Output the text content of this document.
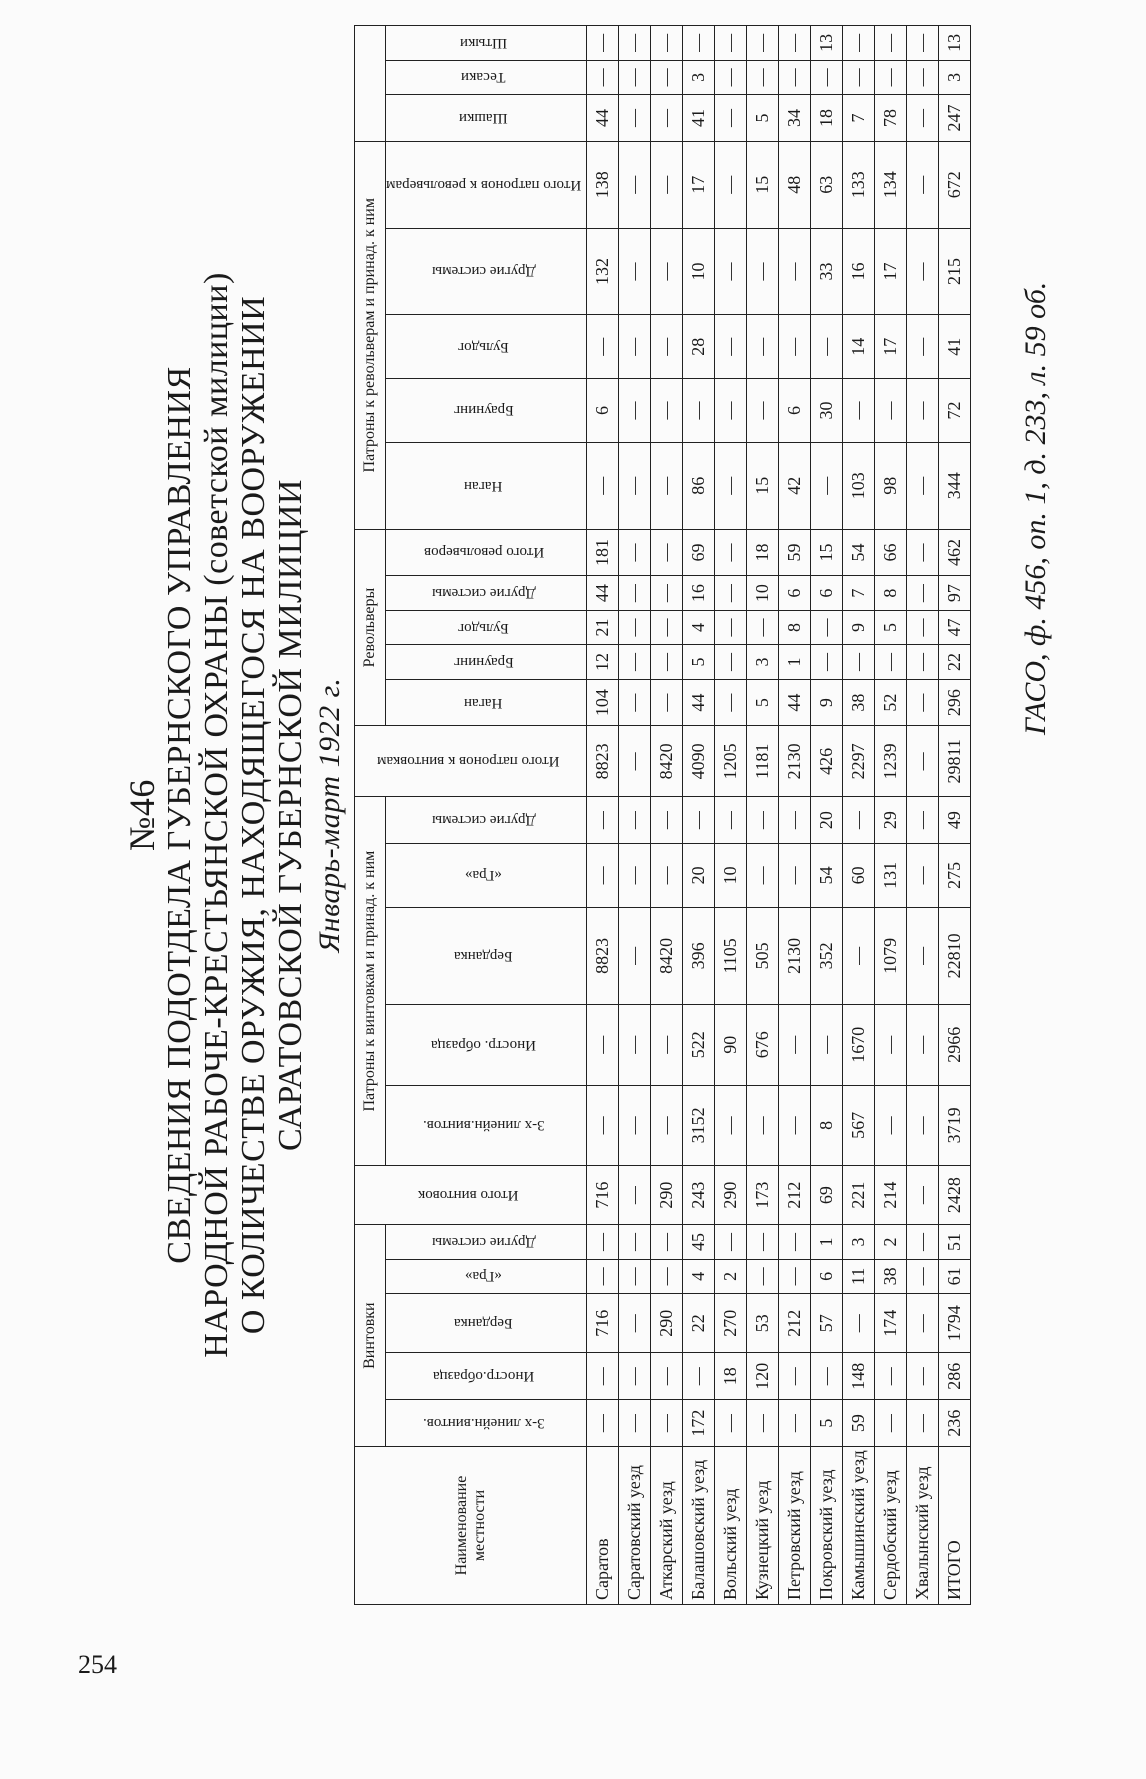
254
№46 СВЕДЕНИЯ ПОДОТДЕЛА ГУБЕРНСКОГО УПРАВЛЕНИЯ НАРОДНОЙ РАБОЧЕ-КРЕСТЬЯНСКОЙ ОХРАНЫ (советской милиции) О КОЛИЧЕСТВЕ ОРУЖИЯ, НАХОДЯЩЕГОСЯ НА ВООРУЖЕНИИ САРАТОВСКОЙ ГУБЕРНСКОЙ МИЛИЦИИ Январь-март 1922 г.
Наименование местности	Винтовки					Итого винтовок	Патроны к винтовкам и принад. к ним					Итого патронов к винтовкам	Револьверы					Патроны к револьверам и принад. к ним							
	3-х линейн.винтов.	Иностр.образца	Берданка	«Гра»	Другие системы		3-х линейн.винтов.	Иностр. образца	Берданка	«Гра»	Другие системы		Наган	Браунинг	Бульдог	Другие системы	Итого револьверов	Наган	Браунинг	Бульдог	Другие системы	Итого патронов к револьверам	Шашки	Тесаки	Штыки
Саратов	—	—	716	—	—	716	—	—	8823	—	—	8823	104	12	21	44	181	—	6	—	132	138	44	—	—
Саратовский уезд	—	—	—	—	—	—	—	—	—	—	—	—	—	—	—	—	—	—	—	—	—	—	—	—	—
Аткарский уезд	—	—	290	—	—	290	—	—	8420	—	—	8420	—	—	—	—	—	—	—	—	—	—	—	—	—
Балашовский уезд	172	—	22	4	45	243	3152	522	396	20	—	4090	44	5	4	16	69	86	—	28	10	17	41	3	—
Вольский уезд	—	18	270	2	—	290	—	90	1105	10	—	1205	—	—	—	—	—	—	—	—	—	—	—	—	—
Кузнецкий уезд	—	120	53	—	—	173	—	676	505	—	—	1181	5	3	—	10	18	15	—	—	—	15	5	—	—
Петровский уезд	—	—	212	—	—	212	—	—	2130	—	—	2130	44	1	8	6	59	42	6	—	—	48	34	—	—
Покровский уезд	5	—	57	6	1	69	8	—	352	54	20	426	9	—	—	6	15	—	30	—	33	63	18	—	13
Камышинский уезд	59	148	—	11	3	221	567	1670	—	60	—	2297	38	—	9	7	54	103	—	14	16	133	7	—	—
Сердобский уезд	—	—	174	38	2	214	—	—	1079	131	29	1239	52	—	5	8	66	98	—	17	17	134	78	—	—
Хвалынский уезд	—	—	—	—	—	—	—	—	—	—	—	—	—	—	—	—	—	—	—	—	—	—	—	—	—
ИТОГО	236	286	1794	61	51	2428	3719	2966	22810	275	49	29811	296	22	47	97	462	344	72	41	215	672	247	3	13
ГАСО, ф. 456, оп. 1, д. 233, л. 59 об.
